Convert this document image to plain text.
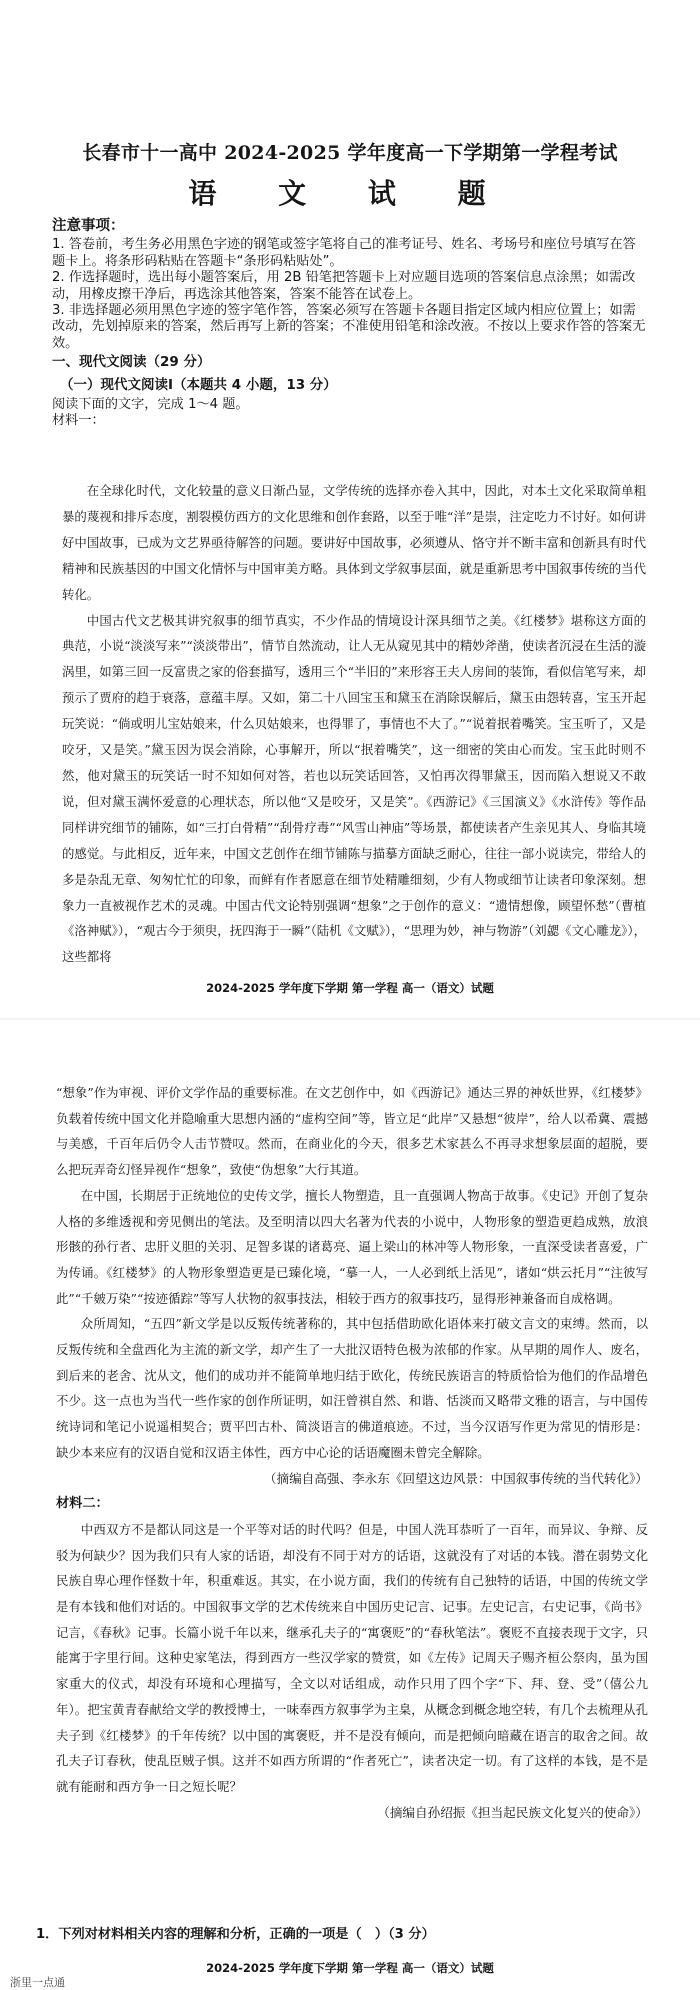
长春市十一高中 2024-2025 学年度高一下学期第一学程考试
语 文 试 题
注意事项：

1. 答卷前，考生务必用黑色字迹的钢笔或签字笔将自己的准考证号、姓名、考场号和座位号填写在答题卡上。将条形码粘贴在答题卡“条形码粘贴处”。

2. 作选择题时，选出每小题答案后，用 2B 铅笔把答题卡上对应题目选项的答案信息点涂黑；如需改动，用橡皮擦干净后，再选涂其他答案，答案不能答在试卷上。

3. 非选择题必须用黑色字迹的签字笔作答，答案必须写在答题卡各题目指定区域内相应位置上；如需改动，先划掉原来的答案，然后再写上新的答案；不准使用铅笔和涂改液。不按以上要求作答的答案无效。

一、现代文阅读（29 分）
（一）现代文阅读Ⅰ（本题共 4 小题，13 分）
阅读下面的文字，完成 1～4 题。
材料一：

在全球化时代，文化较量的意义日渐凸显，文学传统的选择亦卷入其中，因此，对本土文化采取简单粗暴的蔑视和排斥态度，割裂模仿西方的文化思维和创作套路，以至于唯“洋”是崇，注定吃力不讨好。如何讲好中国故事，已成为文艺界亟待解答的问题。要讲好中国故事，必须遵从、恪守并不断丰富和创新具有时代精神和民族基因的中国文化情怀与中国审美方略。具体到文学叙事层面，就是重新思考中国叙事传统的当代转化。

中国古代文艺极其讲究叙事的细节真实，不少作品的情境设计深具细节之美。《红楼梦》堪称这方面的典范，小说“淡淡写来”“淡淡带出”，情节自然流动，让人无从窥见其中的精妙斧凿，使读者沉浸在生活的漩涡里，如第三回一反富贵之家的俗套描写，透用三个“半旧的”来形容王夫人房间的装饰，看似信笔写来，却预示了贾府的趋于衰落，意蕴丰厚。又如，第二十八回宝玉和黛玉在消除误解后，黛玉由怨转喜，宝玉开起玩笑说：“倘或明儿宝姑娘来，什么贝姑娘来，也得罪了，事情也不大了。”“说着抿着嘴笑。宝玉听了，又是咬牙，又是笑。”黛玉因为误会消除，心事解开，所以“抿着嘴笑”，这一细密的笑由心而发。宝玉此时则不然，他对黛玉的玩笑话一时不知如何对答，若也以玩笑话回答，又怕再次得罪黛玉，因而陷入想说又不敢说，但对黛玉满怀爱意的心理状态，所以他“又是咬牙，又是笑”。《西游记》《三国演义》《水浒传》等作品同样讲究细节的铺陈，如“三打白骨精”“刮骨疗毒”“风雪山神庙”等场景，都使读者产生亲见其人、身临其境的感觉。与此相反，近年来，中国文艺创作在细节铺陈与描摹方面缺乏耐心，往往一部小说读完，带给人的多是杂乱无章、匆匆忙忙的印象，而鲜有作者愿意在细节处精雕细刻，少有人物或细节让读者印象深刻。想象力一直被视作艺术的灵魂。中国古代文论特别强调“想象”之于创作的意义：“遗情想像，顾望怀愁”（曹植《洛神赋》），“观古今于须臾，抚四海于一瞬”（陆机《文赋》），“思理为妙，神与物游”（刘勰《文心雕龙》），这些都将

2024-2025 学年度下学期 第一学程 高一（语文）试题

“想象”作为审视、评价文学作品的重要标准。在文艺创作中，如《西游记》通达三界的神妖世界，《红楼梦》负载着传统中国文化并隐喻重大思想内涵的“虚构空间”等，皆立足“此岸”又悬想“彼岸”，给人以希冀、震撼与美感，千百年后仍令人击节赞叹。然而，在商业化的今天，很多艺术家甚么不再寻求想象层面的超脱，要么把玩弄奇幻怪异视作“想象”，致使“伪想象”大行其道。

在中国，长期居于正统地位的史传文学，擅长人物塑造，且一直强调人物高于故事。《史记》开创了复杂人格的多维透视和旁见侧出的笔法。及至明清以四大名著为代表的小说中，人物形象的塑造更趋成熟，放浪形骸的孙行者、忠肝义胆的关羽、足智多谋的诸葛亮、逼上梁山的林冲等人物形象，一直深受读者喜爱，广为传诵。《红楼梦》的人物形象塑造更是已臻化境，“摹一人，一人必到纸上活见”，诸如“烘云托月”“注彼写此”“千皴万染”“按迹循踪”等写人状物的叙事技法，相较于西方的叙事技巧，显得形神兼备而自成格调。

众所周知，“五四”新文学是以反叛传统著称的，其中包括借助欧化语体来打破文言文的束缚。然而，以反叛传统和全盘西化为主流的新文学，却产生了一大批汉语特色极为浓郁的作家。从早期的周作人、废名，到后来的老舍、沈从文，他们的成功并不能简单地归结于欧化，传统民族语言的特质恰恰为他们的作品增色不少。这一点也为当代一些作家的创作所证明，如汪曾祺自然、和谐、恬淡而又略带文雅的语言，与中国传统诗词和笔记小说遥相契合；贾平凹古朴、简淡语言的佛道痕迹。不过，当今汉语写作更为常见的情形是：缺少本来应有的汉语自觉和汉语主体性，西方中心论的话语魔圈未曾完全解除。

（摘编自高强、李永东《回望这边风景：中国叙事传统的当代转化》）

材料二：

中西双方不是都认同这是一个平等对话的时代吗？但是，中国人洗耳恭听了一百年，而异议、争辩、反驳为何缺少？因为我们只有人家的话语，却没有不同于对方的话语，这就没有了对话的本钱。潜在弱势文化民族自卑心理作怪数十年，积重难返。其实，在小说方面，我们的传统有自己独特的话语，中国的传统文学是有本钱和他们对话的。中国叙事文学的艺术传统来自中国历史记言、记事。左史记言，右史记事，《尚书》记言，《春秋》记事。长篇小说千年以来，继承孔夫子的“寓褒贬”的“春秋笔法”。褒贬不直接表现于文字，只能寓于字里行间。这种史家笔法，得到西方一些汉学家的赞赏，如《左传》记周天子赐齐桓公祭肉，虽为国家重大的仪式，却没有环境和心理描写，全文以对话组成，动作只用了四个字“下、拜、登、受”（僖公九年）。把宝黄青春献给文学的教授博士，一味奉西方叙事学为主臬，从概念到概念地空转，有几个去梳理从孔夫子到《红楼梦》的千年传统？以中国的寓褒贬，并不是没有倾向，而是把倾向暗藏在语言的取舍之间。故孔夫子订春秋，使乱臣贼子惧。这并不如西方所谓的“作者死亡”，读者决定一切。有了这样的本钱，是不是就有能耐和西方争一日之短长呢？

（摘编自孙绍振《担当起民族文化复兴的使命》）

1．下列对材料相关内容的理解和分析，正确的一项是（　）（3 分）
2024-2025 学年度下学期 第一学程 高一（语文）试题
浙里一点通
